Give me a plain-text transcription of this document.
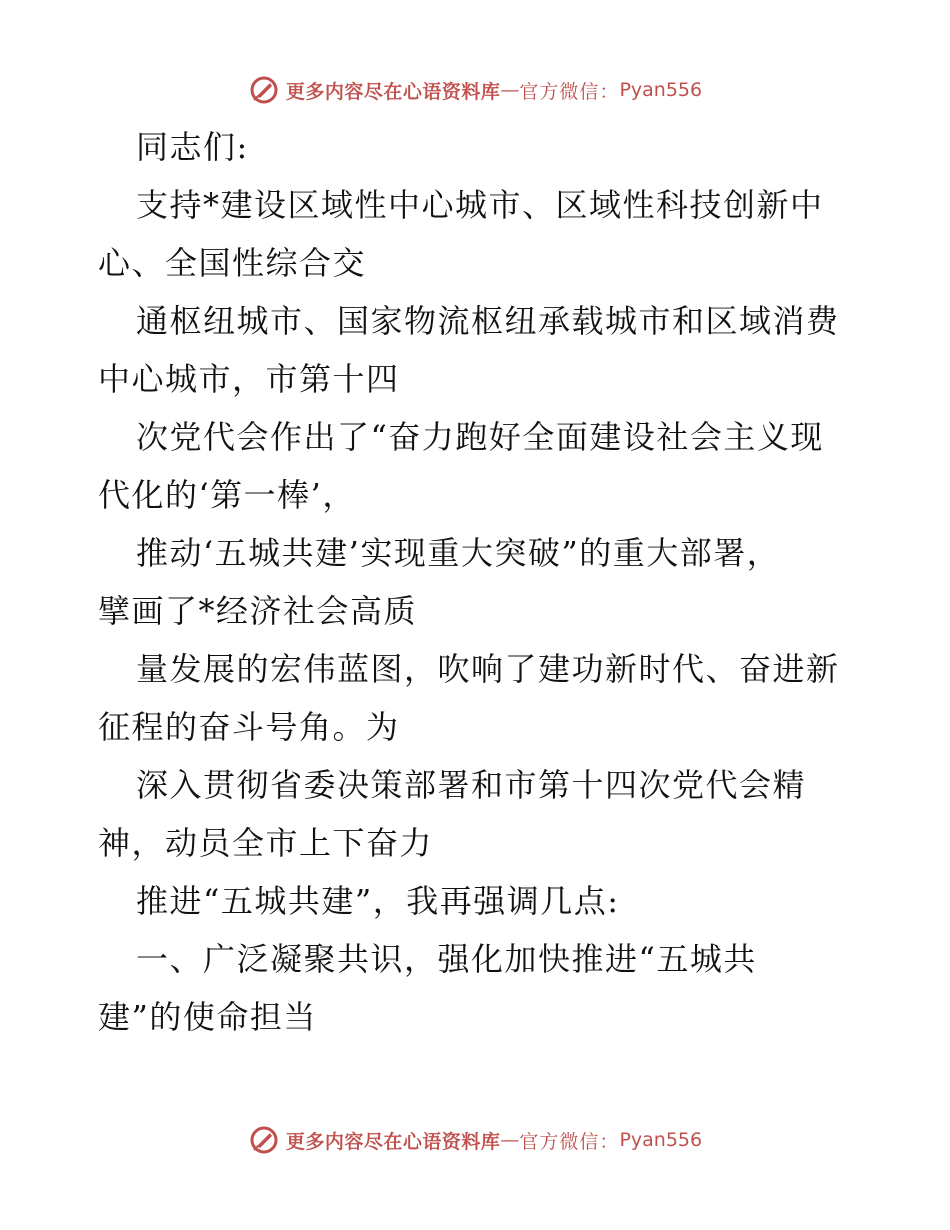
更多内容尽在心语资料库 — 官方微信： Pyan556
同志们:
支持*建设区域性中心城市、区域性科技创新中
心、全国性综合交
通枢纽城市、国家物流枢纽承载城市和区域消费
中心城市，市第十四
次党代会作出了“奋力跑好全面建设社会主义现
代化的‘第一棒’，
推动‘五城共建’实现重大突破”的重大部署，
擘画了*经济社会高质
量发展的宏伟蓝图，吹响了建功新时代、奋进新
征程的奋斗号角。为
深入贯彻省委决策部署和市第十四次党代会精
神，动员全市上下奋力
推进“五城共建”，我再强调几点:
一、广泛凝聚共识，强化加快推进“五城共
建”的使命担当
更多内容尽在心语资料库 — 官方微信： Pyan556
